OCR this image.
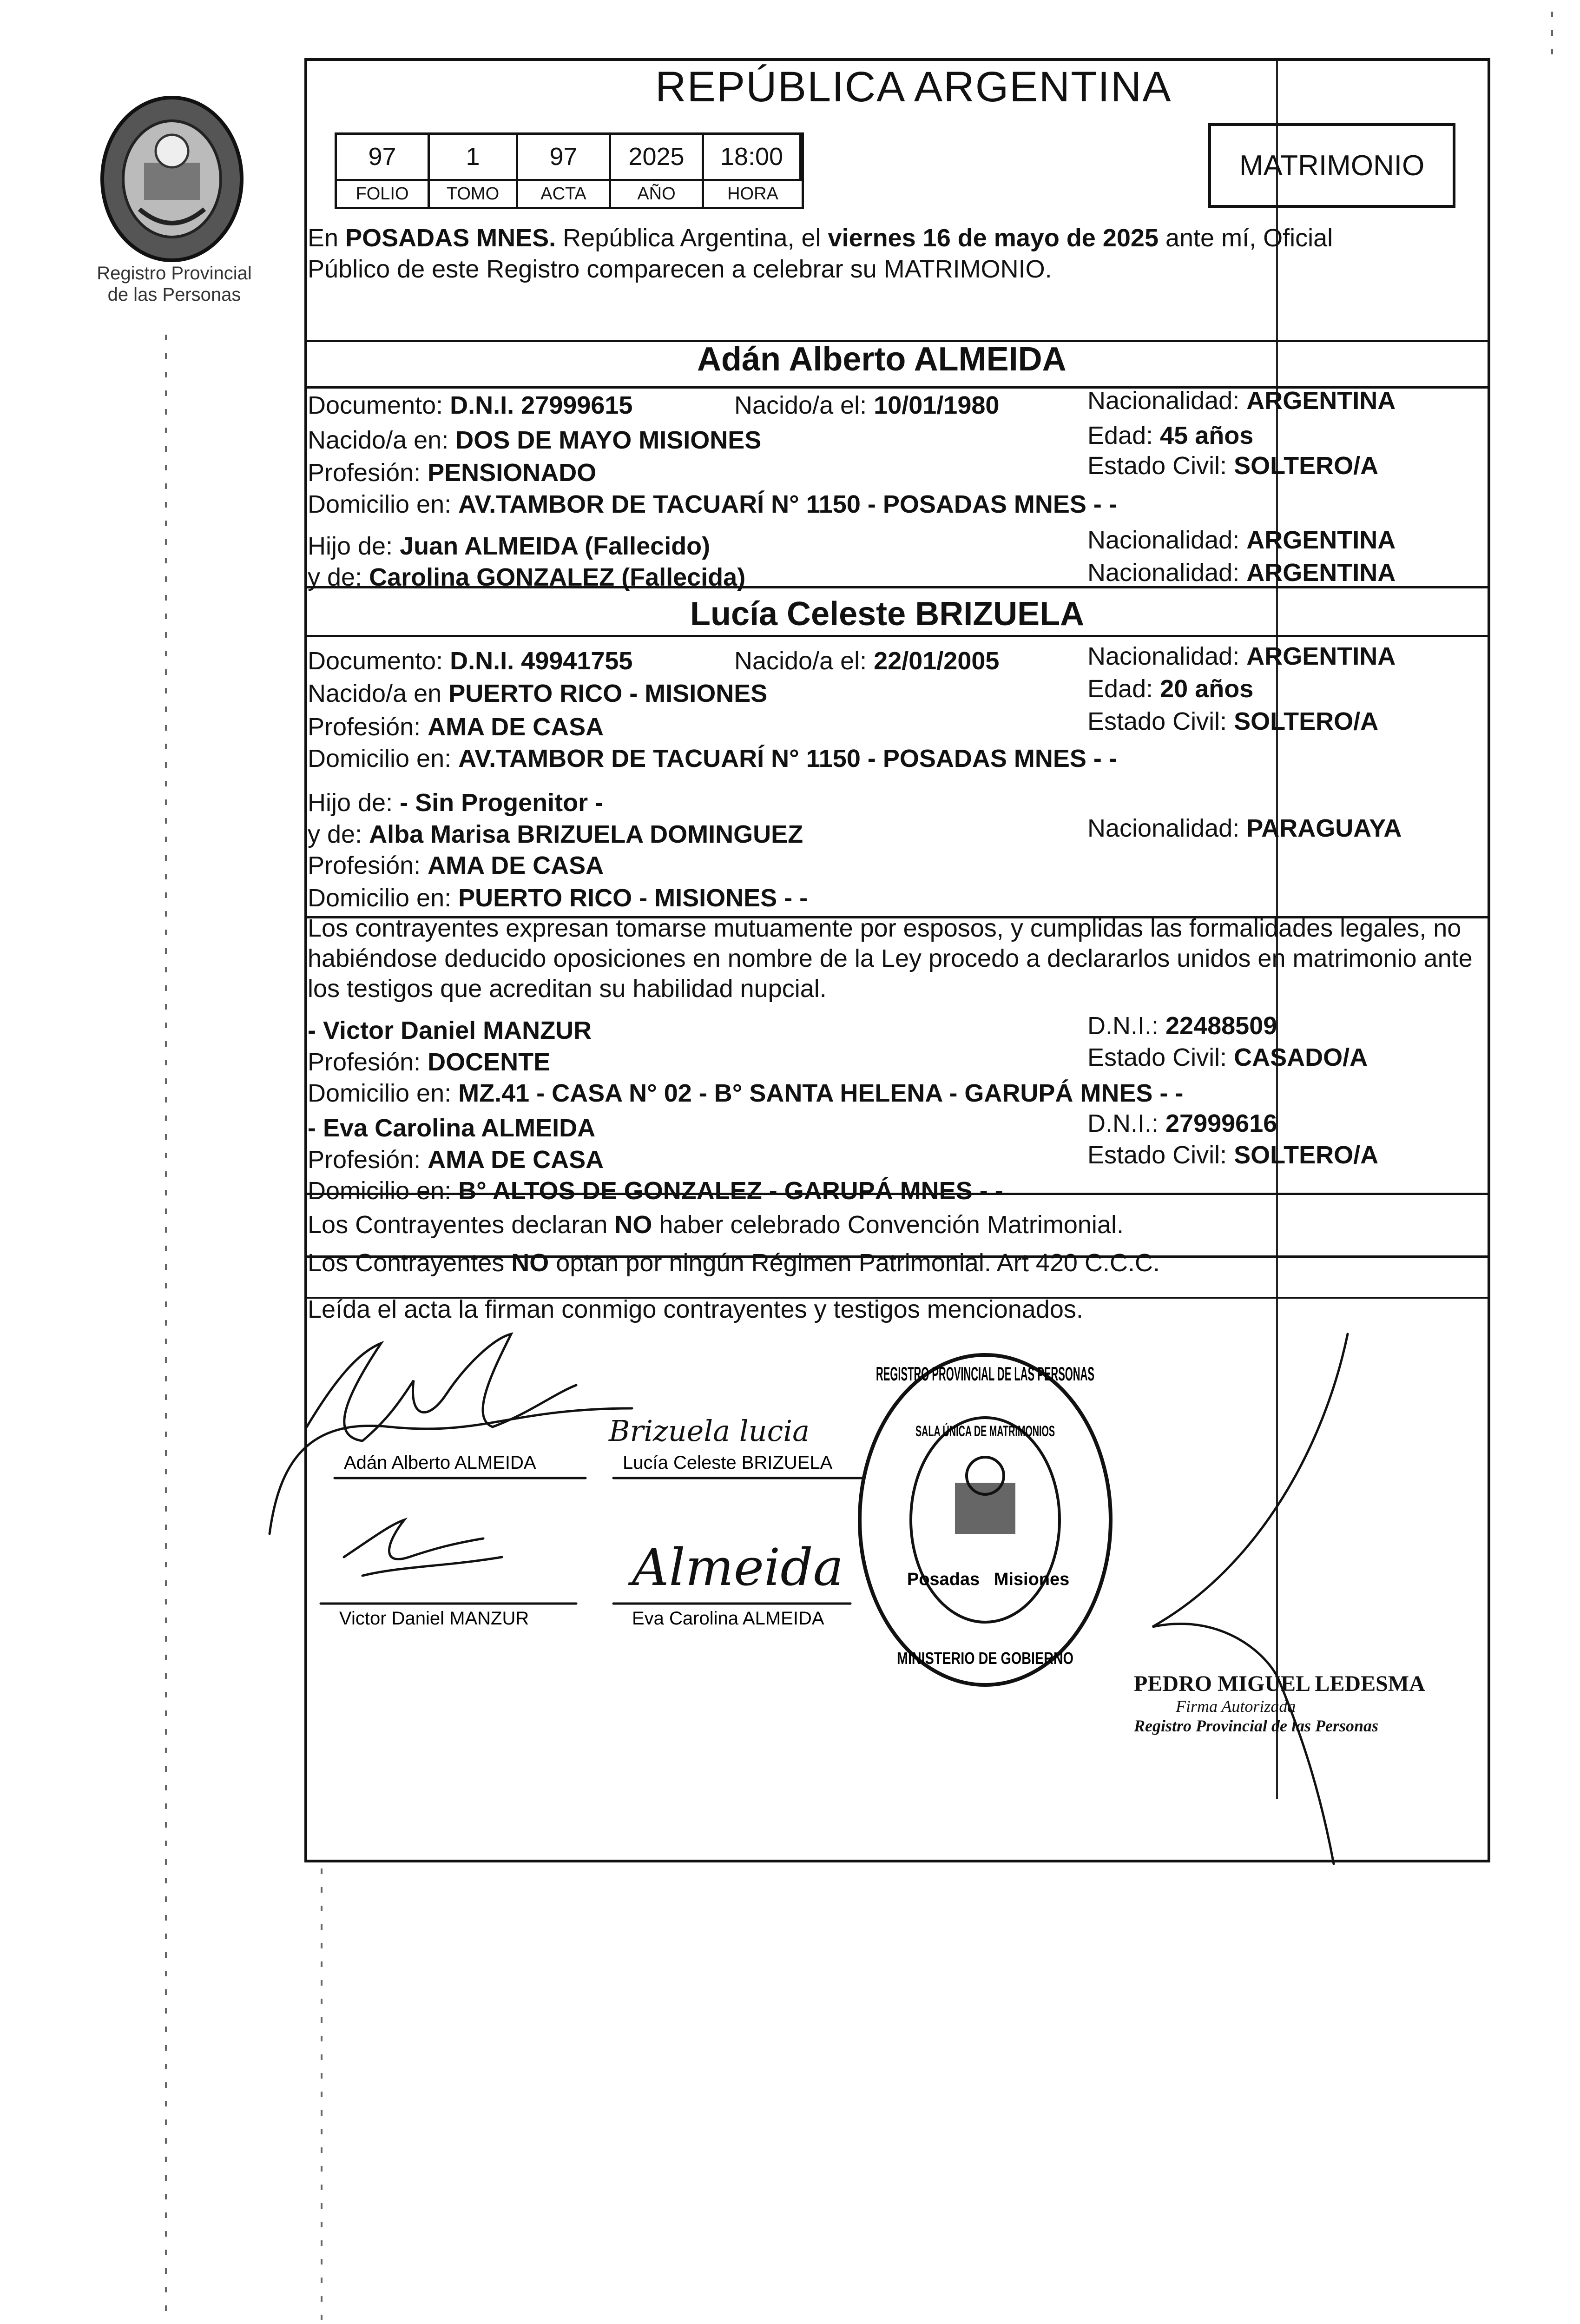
Registro Provincial
de las Personas
REPÚBLICA ARGENTINA
97	1	97	2025	18:00
FOLIO	TOMO	ACTA	AÑO	HORA
MATRIMONIO
En POSADAS MNES. República Argentina, el viernes 16 de mayo de 2025 ante mí, Oficial
Público de este Registro comparecen a celebrar su MATRIMONIO.
Adán Alberto ALMEIDA
Documento: D.N.I. 27999615	Nacido/a el: 10/01/1980	Nacionalidad: ARGENTINA
Nacido/a en: DOS DE MAYO MISIONES	Edad: 45 años
Profesión: PENSIONADO	Estado Civil: SOLTERO/A
Domicilio en: AV.TAMBOR DE TACUARÍ N° 1150 - POSADAS MNES - -
Hijo de: Juan ALMEIDA (Fallecido)	Nacionalidad: ARGENTINA
y de: Carolina GONZALEZ (Fallecida)	Nacionalidad: ARGENTINA
Lucía Celeste BRIZUELA
Documento: D.N.I. 49941755	Nacido/a el: 22/01/2005	Nacionalidad: ARGENTINA
Nacido/a en PUERTO RICO - MISIONES	Edad: 20 años
Profesión: AMA DE CASA	Estado Civil: SOLTERO/A
Domicilio en: AV.TAMBOR DE TACUARÍ N° 1150 - POSADAS MNES - -
Hijo de: - Sin Progenitor -
y de: Alba Marisa BRIZUELA DOMINGUEZ	Nacionalidad: PARAGUAYA
Profesión: AMA DE CASA
Domicilio en: PUERTO RICO - MISIONES - -
Los contrayentes expresan tomarse mutuamente por esposos, y cumplidas las formalidades legales, no
habiéndose deducido oposiciones en nombre de la Ley procedo a declararlos unidos en matrimonio ante
los testigos que acreditan su habilidad nupcial.
- Victor Daniel MANZUR	D.N.I.: 22488509
Profesión: DOCENTE	Estado Civil: CASADO/A
Domicilio en: MZ.41 - CASA N° 02 - B° SANTA HELENA - GARUPÁ MNES - -
- Eva Carolina ALMEIDA	D.N.I.: 27999616
Profesión: AMA DE CASA	Estado Civil: SOLTERO/A
Domicilio en: B° ALTOS DE GONZALEZ - GARUPÁ MNES - -
Los Contrayentes declaran NO haber celebrado Convención Matrimonial.
Los Contrayentes NO optan por ningún Régimen Patrimonial. Art 420 C.C.C.
Leída el acta la firman conmigo contrayentes y testigos mencionados.
Adán Alberto ALMEIDA
Brizuela lucia
Lucía Celeste BRIZUELA
Victor Daniel MANZUR
Almeida
Eva Carolina ALMEIDA
REGISTRO PROVINCIAL DE LAS PERSONAS
SALA ÚNICA DE MATRIMONIOS
Posadas Misiones
MINISTERIO DE GOBIERNO
PEDRO MIGUEL LEDESMA
Firma Autorizada
Registro Provincial de las Personas
